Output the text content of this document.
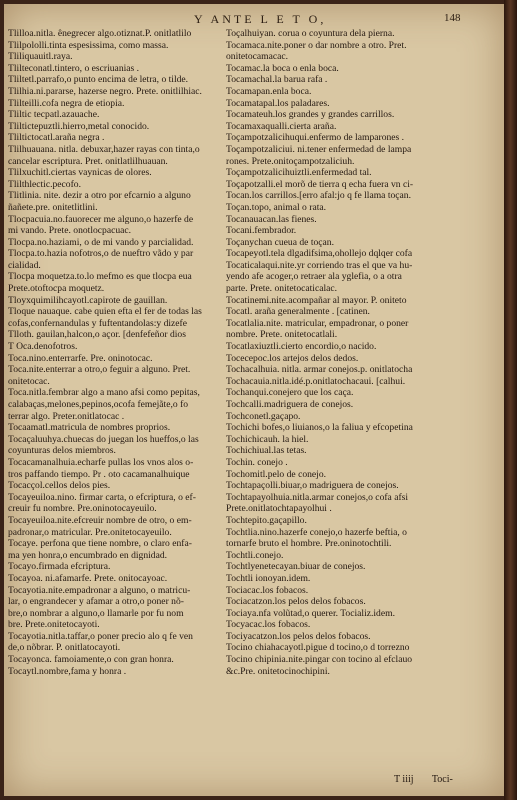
Y ANTE L E T O,	148

Tlilloa.nitla. ênegrecer algo.otiznat.P. onitlatlilo

Tlilpololli.tinta espesissima, como massa.

Tliliquauitl.raya.

Tlilteconatl.tintero, o escriuanias .

Tliltetl.parrafo,o punto encima de letra, o tilde.

Tlilhia.ni.pararse, hazerse negro. Prete. onitlilhiac.

Tlilteilli.cofa negra de etiopia.

Tliltic tecpatl.azauache.

Tliltictepuztli.hierro,metal conocido.

Tliltictocatl.araña negra .

Tlilhuauana. nitla. debuxar,hazer rayas con tinta,o
cancelar escriptura. Pret. onitlatlilhuauan.

Tlilxuchitl.ciertas vaynicas de olores.

Tlilthlectic.pecofo.

Tlitlinia. nite. dezir a otro por efcarnio a alguno
ñañete.pre. onitetlitlini.

Tlocpacuia.no.fauorecer me alguno,o hazerfe de
mi vando. Prete. onotlocpacuac.

Tlocpa.no.haziami, o de mi vando y parcialidad.

Tlocpa.to.hazia nofotros,o de nueftro vãdo y par
cialidad.

Tlocpa moquetza.to.lo mefmo es que tlocpa eua
Prete.otoftocpa moquetz.

Tloyxquimilihcayotl.capirote de gauillan.

Tloque nauaque. cabe quien efta el fer de todas las
cofas,confernandulas y fuftentandolas:y dizefe

Tlloth. gauilan,halcon,o açor. [denfefeñor dios

T Oca.denofotros.

Toca.nino.enterrarfe. Pre. oninotocac.

Toca.nite.enterrar a otro,o feguir a alguno. Pret.
onitetocac.

Toca.nitla.fembrar algo a mano afsi como pepitas,
calabaças,melones,pepinos,ocofa femejãte,o fo
terrar algo. Preter.onitlatocac .

Tocaamatl.matricula de nombres proprios.

Tocaçaluuhya.chuecas do juegan los hueffos,o las
coyunturas delos miembros.

Tocacamanalhuia.echarfe pullas los vnos alos o-
tros paffando tiempo. Pr . oto cacamanalhuique

Tocacçol.cellos delos pies.

Tocayeuiloa.nino. firmar carta, o efcriptura, o ef-
creuir fu nombre. Pre.oninotocayeuilo.

Tocayeuiloa.nite.efcreuir nombre de otro, o em-
padronar,o matricular. Pre.onitetocayeuilo.

Tocaye. perfona que tiene nombre, o claro enfa-
ma yen honra,o encumbrado en dignidad.

Tocayo.firmada efcriptura.

Tocayoa. ni.afamarfe. Prete. onitocayoac.

Tocayotia.nite.empadronar a alguno, o matricu-
lar, o engrandecer y afamar a otro,o poner nõ-
bre,o nombrar a alguno,o llamarle por fu nom
bre. Prete.onitetocayoti.

Tocayotia.nitla.taffar,o poner precio alo q fe ven
de,o nõbrar. P. onitlatocayoti.

Tocayonca. famoiamente,o con gran honra.

Tocaytl.nombre,fama y honra .

Toçalhuiyan. corua o coyuntura dela pierna.

Tocamaca.nite.poner o dar nombre a otro. Pret.
onitetocamacac.

Tocamac.la boca o enla boca.

Tocamachal.la barua rafa .

Tocamapan.enla boca.

Tocamatapal.los paladares.

Tocamateuh.los grandes y grandes carrillos.

Tocamaxaqualli.cierta araña.

Toçampotzalicihuqui.enfermo de lamparones .

Toçampotzaliciui. ni.tener enfermedad de lampa
rones. Prete.onitoçampotzaliciuh.

Toçampotzalicihuiztli.enfermedad tal.

Toçapotzalli.el morõ de tierra q echa fuera vn ci-

Tocan.los carrillos.[erro afal:jo q fe llama toçan.

Toçan.topo, animal o rata.

Tocanauacan.las fienes.

Tocani.fembrador.

Toçanychan cueua de toçan.

Tocapeyotl.tela dlgadifsima,ohollejo dqlqer cofa

Tocaticalaqui.nite.yr corriendo tras el que va hu-
yendo afe acoger,o retraer ala yglefia, o a otra
parte. Prete. onitetocaticalac.

Tocatinemi.nite.acompañar al mayor. P. oniteto

Tocatl. araña generalmente . [catinen.

Tocatlalia.nite. matricular, empadronar, o poner
nombre. Prete. onitetocatlali.

Tocatlaxiuztli.cierto encordio,o nacido.

Tocecepoc.los artejos delos dedos.

Tochacalhuia. nitla. armar conejos.p. onitlatocha

Tochacauia.nitla.idé.p.onitlatochacaui. [calhui.

Tochanqui.conejero que los caça.

Tochcalli.madriguera de conejos.

Tochconetl.gaçapo.

Tochichi bofes,o liuianos,o la faliua y efcopetina

Tochichicauh. la hiel.

Tochichiual.las tetas.

Tochin. conejo .

Tochomitl.pelo de conejo.

Tochtapaçolli.biuar,o madriguera de conejos.

Tochtapayolhuia.nitla.armar conejos,o cofa afsi
Prete.onitlatochtapayolhui .

Tochtepito.gaçapillo.

Tochtlia.nino.hazerfe conejo,o hazerfe beftia, o
tornarfe bruto el hombre. Pre.oninotochtili.

Tochtli.conejo.

Tochtlyenetecayan.biuar de conejos.

Tochtli ionoyan.idem.

Tociacac.los fobacos.

Tociacatzon.los pelos delos fobacos.

Tociaya.nfa volũtad,o querer. Tocializ.idem.

Tocyacac.los fobacos.

Tociyacatzon.los pelos delos fobacos.

Tocino chiahacayotl.pigue d tocino,o d torrezno

Tocino chipinia.nite.pingar con tocino al efclauo
&c.Pre. onitetocinochipini.

T iiij Toci-
